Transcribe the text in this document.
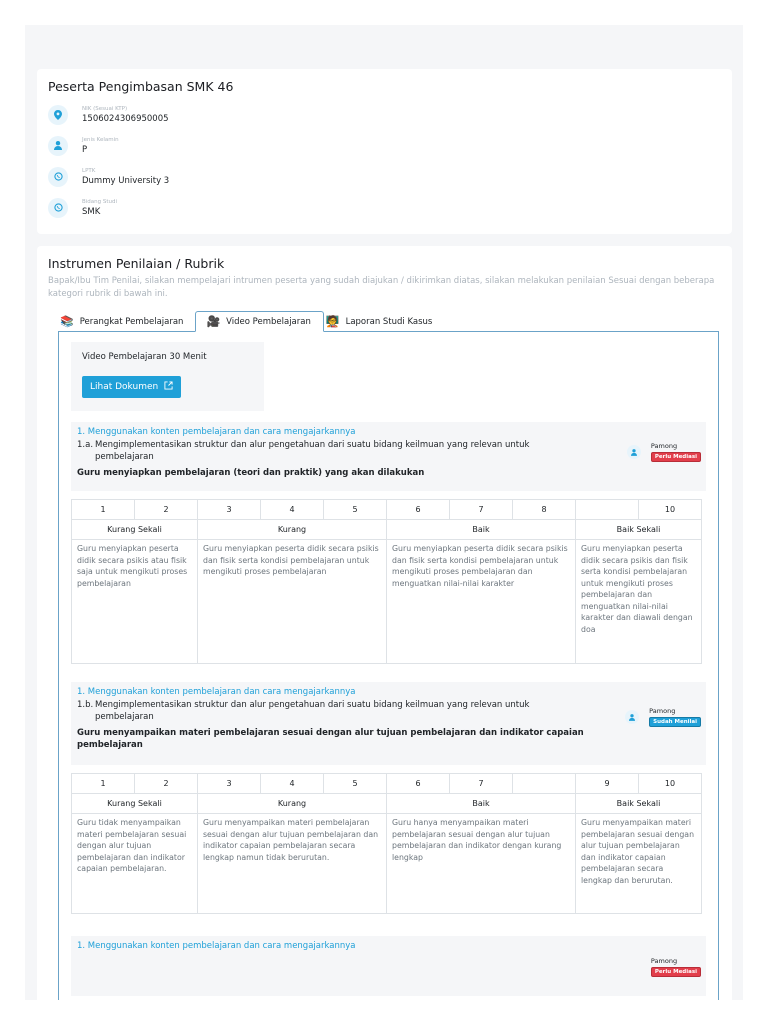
Peserta Pengimbasan SMK 46
NIK (Sesuai KTP)
1506024306950005
Jenis Kelamin
P
LPTK
Dummy University 3
Bidang Studi
SMK
Instrumen Penilaian / Rubrik

Bapak/Ibu Tim Penilai, silakan mempelajari intrumen peserta yang sudah diajukan / dikirimkan diatas, silakan melakukan penilaian Sesuai dengan beberapa kategori rubrik di bawah ini.

📚 Perangkat Pembelajaran 🎥 Video Pembelajaran 🧑‍🏫 Laporan Studi Kasus
Video Pembelajaran 30 Menit
Lihat Dokumen
1. Menggunakan konten pembelajaran dan cara mengajarkannya
1.a. Mengimplementasikan struktur dan alur pengetahuan dari suatu bidang keilmuan yang relevan untuk pembelajaran
Guru menyiapkan pembelajaran (teori dan praktik) yang akan dilakukan
Pamong
Perlu Mediasi
1	2	3	4	5	6	7	8		10
Kurang Sekali		Kurang			Baik			Baik Sekali	
Guru menyiapkan peserta didik secara psikis atau fisik saja untuk mengikuti proses pembelajaran		Guru menyiapkan peserta didik secara psikis dan fisik serta kondisi pembelajaran untuk mengikuti proses pembelajaran			Guru menyiapkan peserta didik secara psikis dan fisik serta kondisi pembelajaran untuk mengikuti proses pembelajaran dan menguatkan nilai-nilai karakter			Guru menyiapkan peserta didik secara psikis dan fisik serta kondisi pembelajaran untuk mengikuti proses pembelajaran dan menguatkan nilai-nilai karakter dan diawali dengan doa	
1. Menggunakan konten pembelajaran dan cara mengajarkannya
1.b. Mengimplementasikan struktur dan alur pengetahuan dari suatu bidang keilmuan yang relevan untuk pembelajaran
Guru menyampaikan materi pembelajaran sesuai dengan alur tujuan pembelajaran dan indikator capaian pembelajaran
Pamong
Sudah Menilai
1	2	3	4	5	6	7		9	10
Kurang Sekali		Kurang			Baik			Baik Sekali	
Guru tidak menyampaikan materi pembelajaran sesuai dengan alur tujuan pembelajaran dan indikator capaian pembelajaran.		Guru menyampaikan materi pembelajaran sesuai dengan alur tujuan pembelajaran dan indikator capaian pembelajaran secara lengkap namun tidak berurutan.			Guru hanya menyampaikan materi pembelajaran sesuai dengan alur tujuan pembelajaran dan indikator dengan kurang lengkap			Guru menyampaikan materi pembelajaran sesuai dengan alur tujuan pembelajaran dan indikator capaian pembelajaran secara lengkap dan berurutan.	
1. Menggunakan konten pembelajaran dan cara mengajarkannya
Pamong
Perlu Mediasi
